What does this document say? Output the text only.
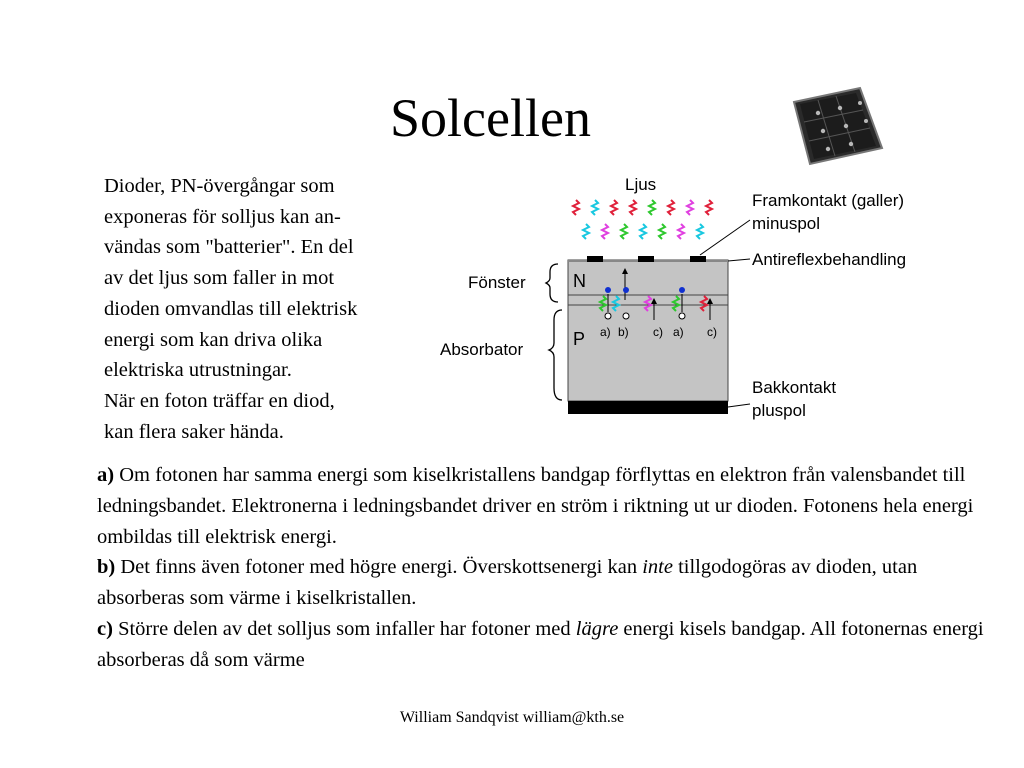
Solcellen
Dioder, PN-övergångar som
exponeras för solljus kan an-
vändas som "batterier". En del
av det ljus som faller in mot
dioden omvandlas till elektrisk
energi som kan driva olika
elektriska utrustningar.
När en foton träffar en diod,
kan flera saker hända.
Ljus
N
P a) b) c) a) c)
Fönster
Absorbator
Framkontakt (galler)
minuspol
Antireflexbehandling
Bakkontakt
pluspol

a) Om fotonen har samma energi som kiselkristallens bandgap förflyttas en elektron från valensbandet till ledningsbandet. Elektronerna i ledningsbandet driver en ström i riktning ut ur dioden. Fotonens hela energi ombildas till elektrisk energi.

b) Det finns även fotoner med högre energi. Överskottsenergi kan inte tillgodogöras av dioden, utan absorberas som värme i kiselkristallen.

c) Större delen av det solljus som infaller har fotoner med lägre energi kisels bandgap. All fotonernas energi absorberas då som värme

William Sandqvist william@kth.se
